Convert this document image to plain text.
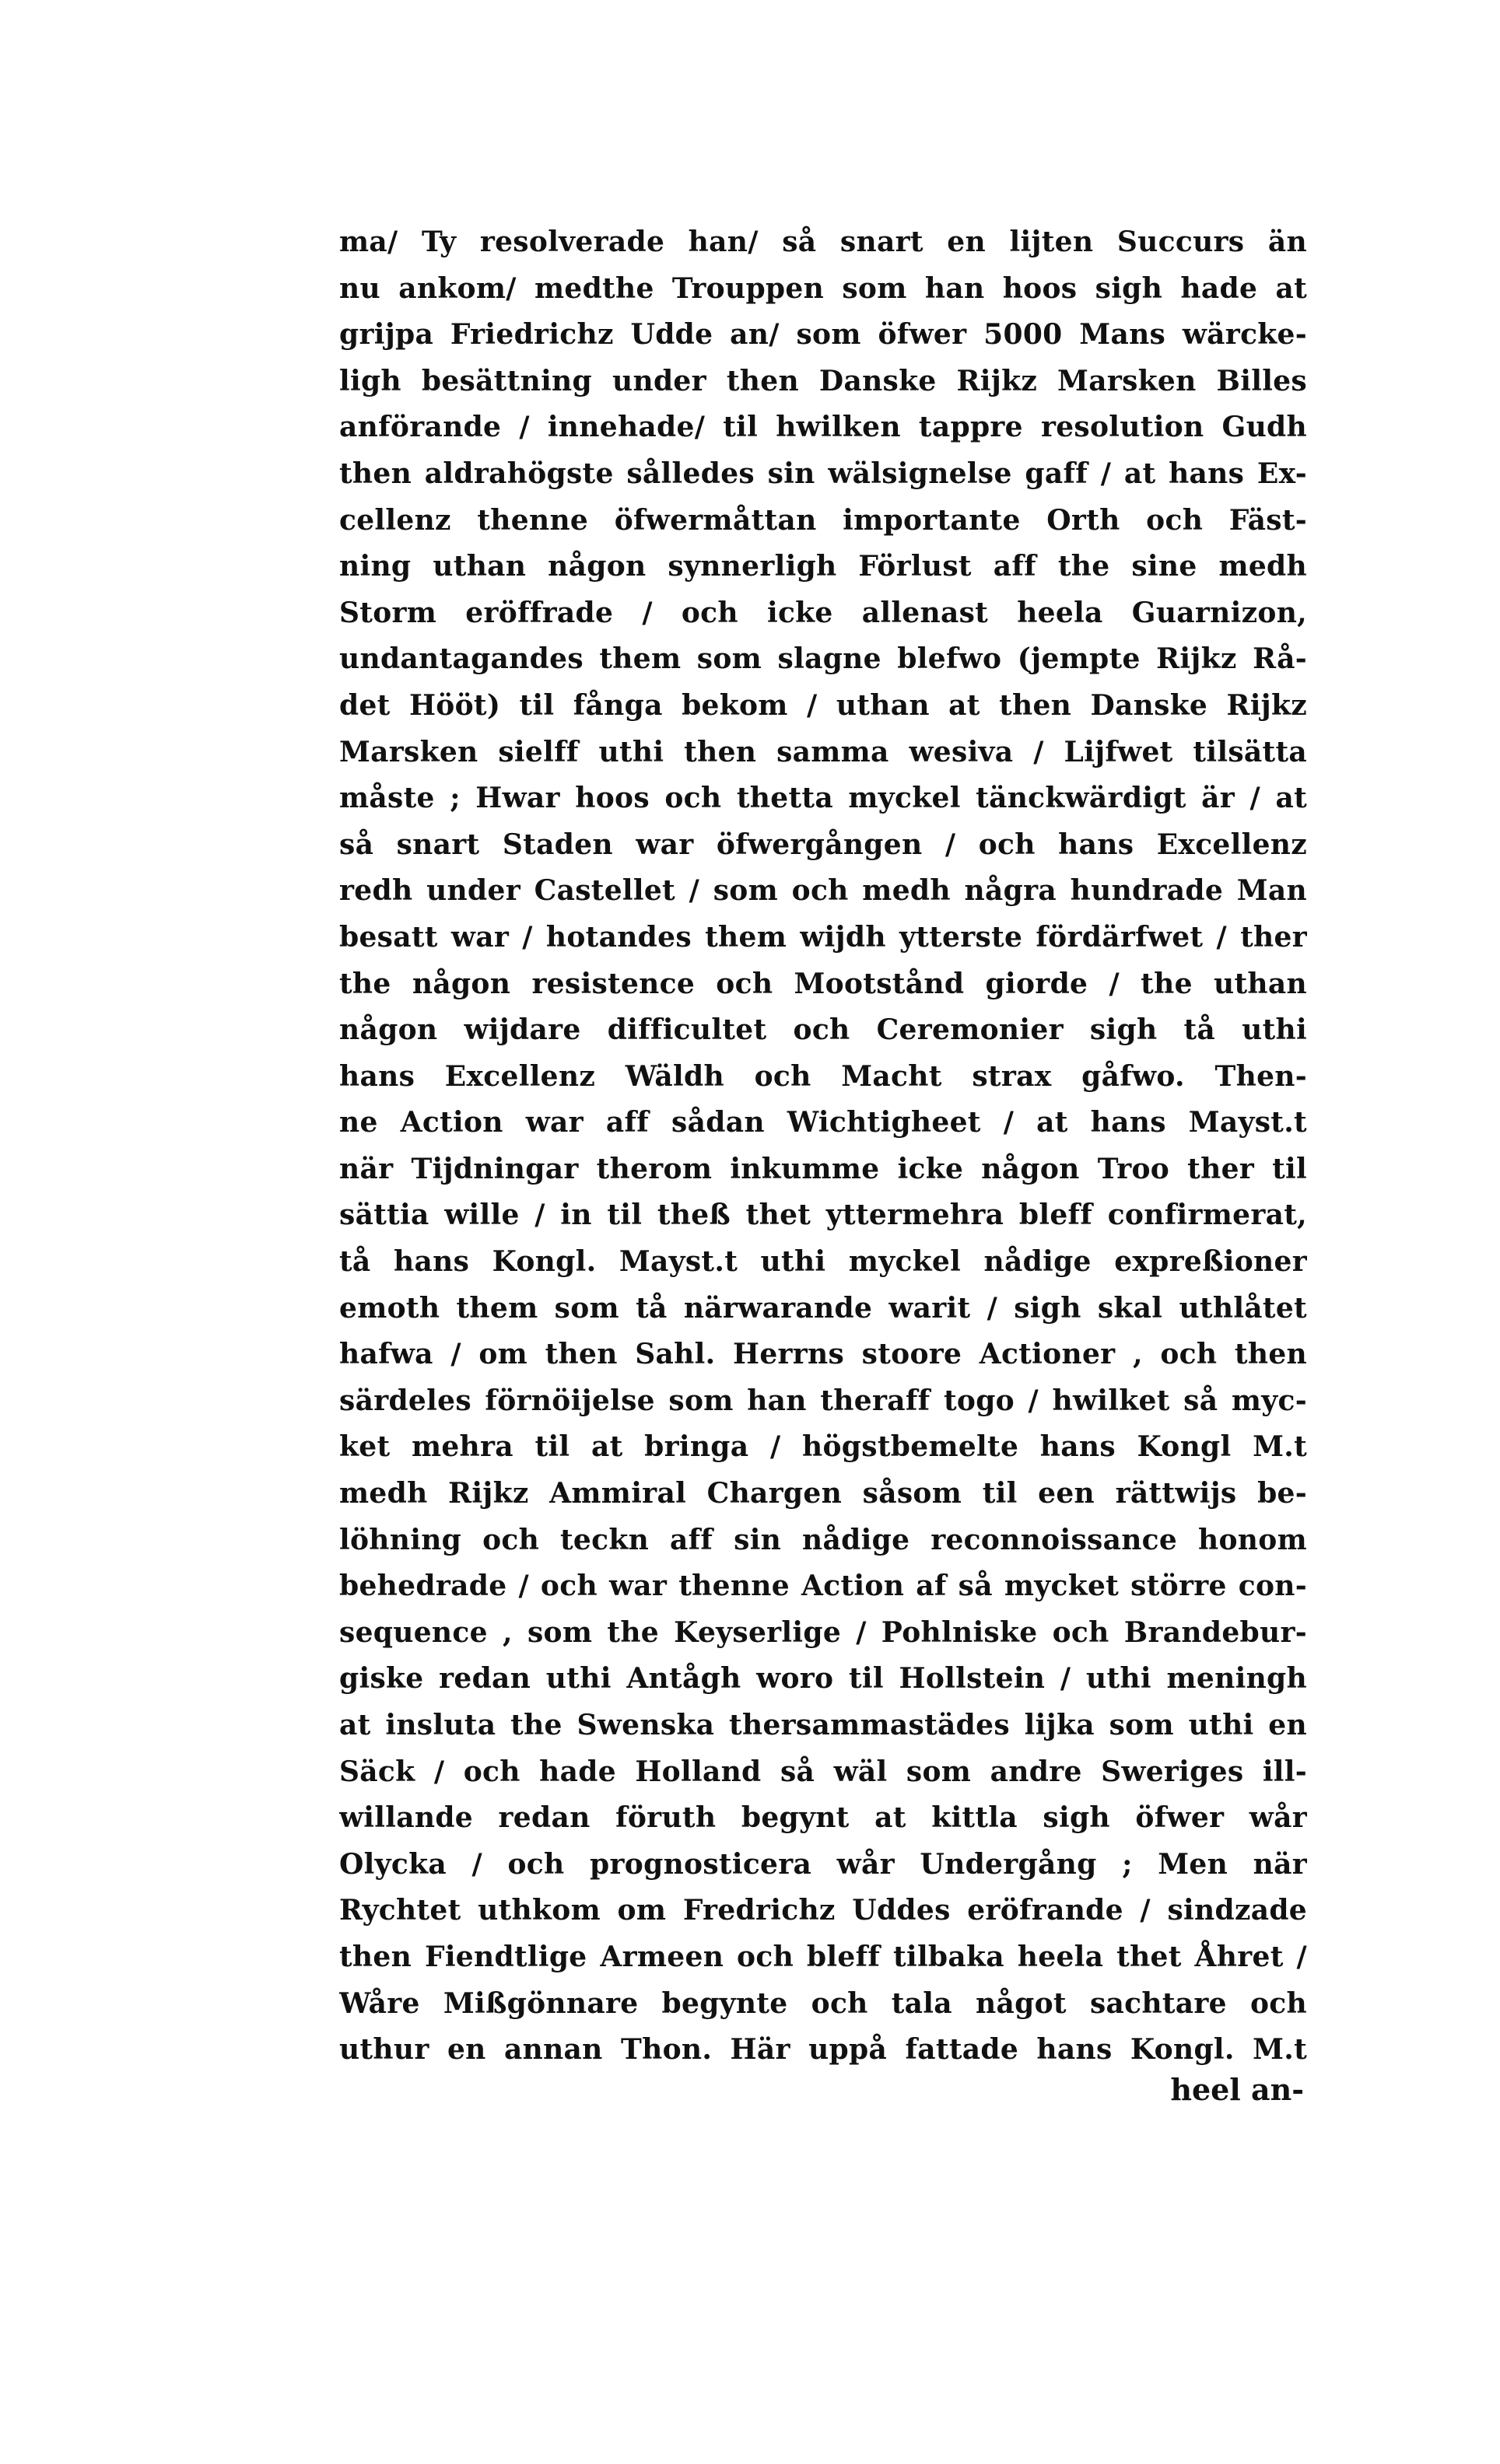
ma/ Ty resolverade han/ så snart en lijten Succurs än
nu ankom/ medthe Trouppen som han hoos sigh hade at
grijpa Friedrichz Udde an/ som öfwer 5000 Mans wärcke-
ligh besättning under then Danske Rijkz Marsken Billes
anförande / innehade/ til hwilken tappre resolution Gudh
then aldrahögste sålledes sin wälsignelse gaff / at hans Ex-
cellenz thenne öfwermåttan importante Orth och Fäst-
ning uthan någon synnerligh Förlust aff the sine medh
Storm eröffrade / och icke allenast heela Guarnizon,
undantagandes them som slagne blefwo (jempte Rijkz Rå-
det Hööt) til fånga bekom / uthan at then Danske Rijkz
Marsken sielff uthi then samma wesiva / Lijfwet tilsätta
måste ; Hwar hoos och thetta myckel tänckwärdigt är / at
så snart Staden war öfwergången / och hans Excellenz
redh under Castellet / som och medh några hundrade Man
besatt war / hotandes them wijdh ytterste fördärfwet / ther
the någon resistence och Mootstånd giorde / the uthan
någon wijdare difficultet och Ceremonier sigh tå uthi
hans Excellenz Wäldh och Macht strax gåfwo. Then-
ne Action war aff sådan Wichtigheet / at hans Mayst.t
när Tijdningar therom inkumme icke någon Troo ther til
sättia wille / in til theß thet yttermehra bleff confirmerat,
tå hans Kongl. Mayst.t uthi myckel nådige expreßioner
emoth them som tå närwarande warit / sigh skal uthlåtet
hafwa / om then Sahl. Herrns stoore Actioner , och then
särdeles förnöijelse som han theraff togo / hwilket så myc-
ket mehra til at bringa / högstbemelte hans Kongl M.t
medh Rijkz Ammiral Chargen såsom til een rättwijs be-
löhning och teckn aff sin nådige reconnoissance honom
behedrade / och war thenne Action af så mycket större con-
sequence , som the Keyserlige / Pohlniske och Brandebur-
giske redan uthi Antågh woro til Hollstein / uthi meningh
at insluta the Swenska thersammastädes lijka som uthi en
Säck / och hade Holland så wäl som andre Sweriges ill-
willande redan föruth begynt at kittla sigh öfwer wår
Olycka / och prognosticera wår Undergång ; Men när
Rychtet uthkom om Fredrichz Uddes eröfrande / sindzade
then Fiendtlige Armeen och bleff tilbaka heela thet Åhret /
Wåre Mißgönnare begynte och tala något sachtare och
uthur en annan Thon. Här uppå fattade hans Kongl. M.t
heel an-
